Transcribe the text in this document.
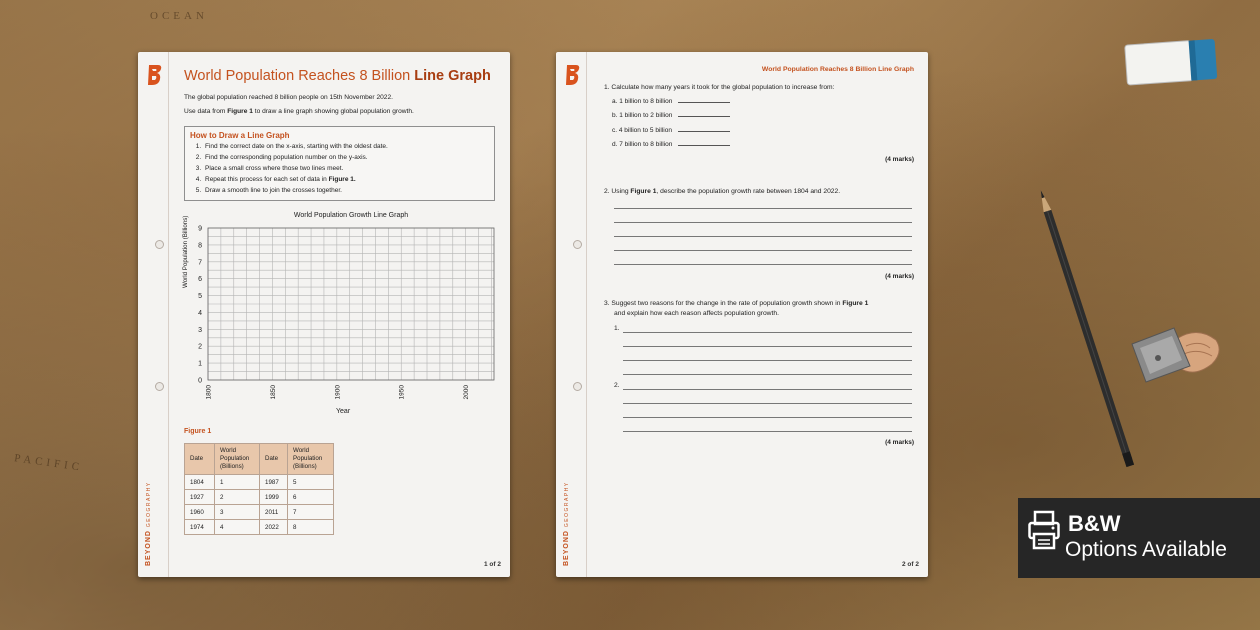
OCEAN
PACIFIC
World Population Reaches 8 Billion Line Graph
The global population reached 8 billion people on 15th November 2022.
Use data from Figure 1 to draw a line graph showing global population growth.
How to Draw a Line Graph
1. Find the correct date on the x-axis, starting with the oldest date.
2. Find the corresponding population number on the y-axis.
3. Place a small cross where those two lines meet.
4. Repeat this process for each set of data in Figure 1.
5. Draw a smooth line to join the crosses together.
World Population Growth Line Graph
0
1
2
3
4
5
6
7
8
9
1800	1850	1900	1950	2000
World Population (Billions)
Year
Figure 1
Date	World Population (Billions)	Date	World Population (Billions)
1804	1	1987	5
1927	2	1999	6
1960	3	2011	7
1974	4	2022	8
BEYOND GEOGRAPHY
1 of 2
World Population Reaches 8 Billion Line Graph
1. Calculate how many years it took for the global population to increase from:
a. 1 billion to 8 billion
b. 1 billion to 2 billion
c. 4 billion to 5 billion
d. 7 billion to 8 billion
(4 marks)
2. Using Figure 1, describe the population growth rate between 1804 and 2022.
(4 marks)
3. Suggest two reasons for the change in the rate of population growth shown in Figure 1
and explain how each reason affects population growth.
1.
2.
(4 marks)
BEYOND GEOGRAPHY
2 of 2
B&W
Options Available
